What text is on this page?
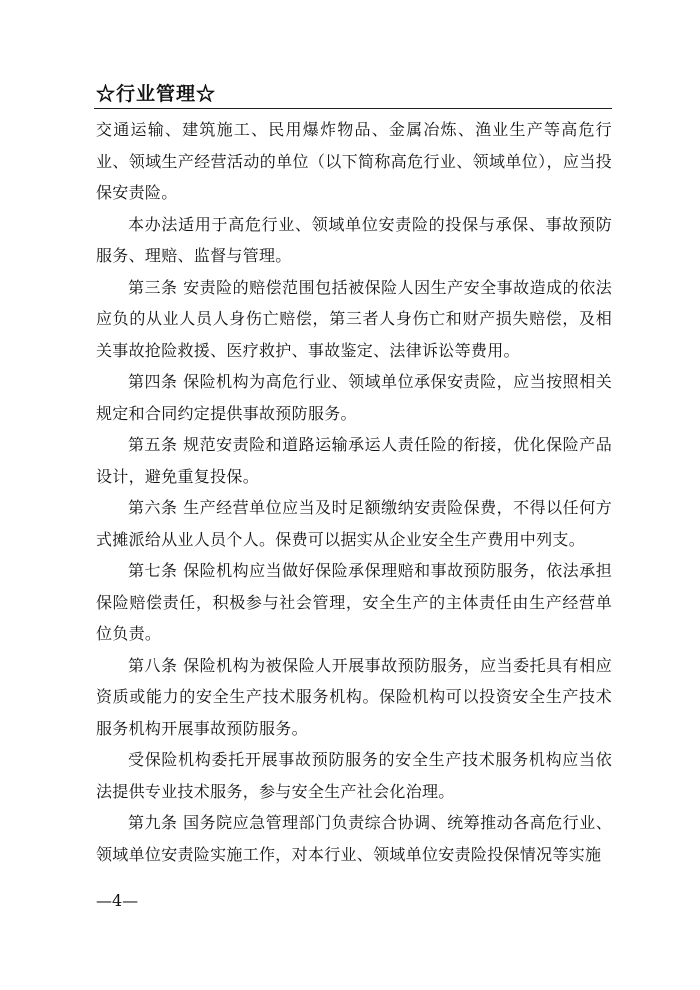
☆行业管理☆

交通运输、建筑施工、民用爆炸物品、金属冶炼、渔业生产等高危行业、领域生产经营活动的单位（以下简称高危行业、领域单位），应当投保安责险。

本办法适用于高危行业、领域单位安责险的投保与承保、事故预防服务、理赔、监督与管理。

第三条 安责险的赔偿范围包括被保险人因生产安全事故造成的依法应负的从业人员人身伤亡赔偿，第三者人身伤亡和财产损失赔偿，及相关事故抢险救援、医疗救护、事故鉴定、法律诉讼等费用。

第四条 保险机构为高危行业、领域单位承保安责险，应当按照相关规定和合同约定提供事故预防服务。

第五条 规范安责险和道路运输承运人责任险的衔接，优化保险产品设计，避免重复投保。

第六条 生产经营单位应当及时足额缴纳安责险保费，不得以任何方式摊派给从业人员个人。保费可以据实从企业安全生产费用中列支。

第七条 保险机构应当做好保险承保理赔和事故预防服务，依法承担保险赔偿责任，积极参与社会管理，安全生产的主体责任由生产经营单位负责。

第八条 保险机构为被保险人开展事故预防服务，应当委托具有相应资质或能力的安全生产技术服务机构。保险机构可以投资安全生产技术服务机构开展事故预防服务。

受保险机构委托开展事故预防服务的安全生产技术服务机构应当依法提供专业技术服务，参与安全生产社会化治理。

第九条 国务院应急管理部门负责综合协调、统筹推动各高危行业、领域单位安责险实施工作，对本行业、领域单位安责险投保情况等实施

—4—
